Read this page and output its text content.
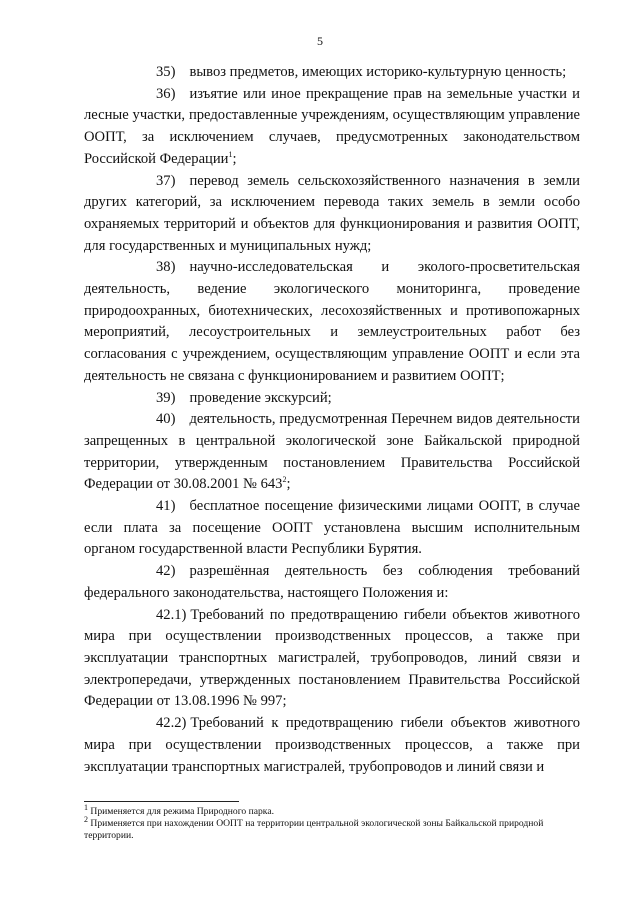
5

35) вывоз предметов, имеющих историко-культурную ценность;

36) изъятие или иное прекращение прав на земельные участки и лесные участки, предоставленные учреждениям, осуществляющим управление ООПТ, за исключением случаев, предусмотренных законодательством Российской Федерации$^1$;

37) перевод земель сельскохозяйственного назначения в земли других категорий, за исключением перевода таких земель в земли особо охраняемых территорий и объектов для функционирования и развития ООПТ, для государственных и муниципальных нужд;

38) научно-исследовательская и эколого-просветительская деятельность, ведение экологического мониторинга, проведение природоохранных, биотехнических, лесохозяйственных и противопожарных мероприятий, лесоустроительных и землеустроительных работ без согласования с учреждением, осуществляющим управление ООПТ и если эта деятельность не связана с функционированием и развитием ООПТ;

39) проведение экскурсий;

40) деятельность, предусмотренная Перечнем видов деятельности запрещенных в центральной экологической зоне Байкальской природной территории, утвержденным постановлением Правительства Российской Федерации от 30.08.2001 № $643^2$;

41) бесплатное посещение физическими лицами ООПТ, в случае если плата за посещение ООПТ установлена высшим исполнительным органом государственной власти Республики Бурятия.

42) разрешённая деятельность без соблюдения требований федерального законодательства, настоящего Положения и:

42.1) Требований по предотвращению гибели объектов животного мира при осуществлении производственных процессов, а также при эксплуатации транспортных магистралей, трубопроводов, линий связи и электропередачи, утвержденных постановлением Правительства Российской Федерации от 13.08.1996 № 997;

42.2) Требований к предотвращению гибели объектов животного мира при осуществлении производственных процессов, а также при эксплуатации транспортных магистралей, трубопроводов и линий связи и

$^1$ Применяется для режима Природного парка.

$^2$ Применяется при нахождении ООПТ на территории центральной экологической зоны Байкальской природной территории.
